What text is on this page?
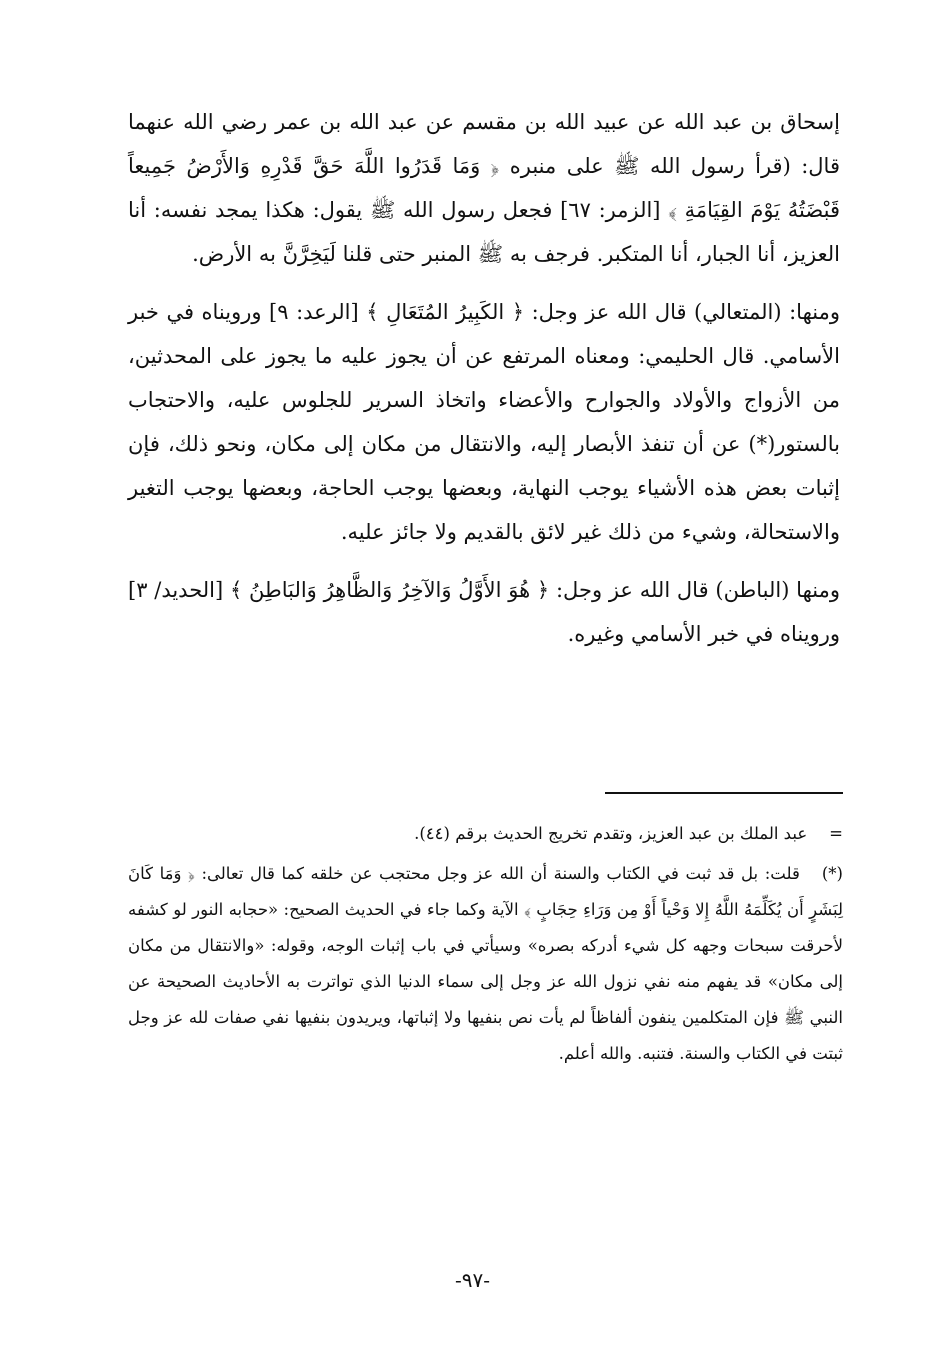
إسحاق بن عبد الله عن عبيد الله بن مقسم عن عبد الله بن عمر رضي الله عنهما قال: (قرأ رسول الله ﷺ على منبره ﴿ وَمَا قَدَرُوا اللَّهَ حَقَّ قَدْرِهِ وَالأَرْضُ جَمِيعاً قَبْضَتُهُ يَوْمَ القِيَامَةِ ﴾ [الزمر: ٦٧] فجعل رسول الله ﷺ يقول: هكذا يمجد نفسه: أنا العزيز، أنا الجبار، أنا المتكبر. فرجف به ﷺ المنبر حتى قلنا لَيَخِرَّنَّ به الأرض.

ومنها: (المتعالي) قال الله عز وجل: ﴿ الكَبِيرُ المُتَعَالِ ﴾ [الرعد: ٩] ورويناه في خبر الأسامي. قال الحليمي: ومعناه المرتفع عن أن يجوز عليه ما يجوز على المحدثين، من الأزواج والأولاد والجوارح والأعضاء واتخاذ السرير للجلوس عليه، والاحتجاب بالستور(*) عن أن تنفذ الأبصار إليه، والانتقال من مكان إلى مكان، ونحو ذلك، فإن إثبات بعض هذه الأشياء يوجب النهاية، وبعضها يوجب الحاجة، وبعضها يوجب التغير والاستحالة، وشيء من ذلك غير لائق بالقديم ولا جائز عليه.

ومنها (الباطن) قال الله عز وجل: ﴿ هُوَ الأَوَّلُ وَالآخِرُ وَالظَّاهِرُ وَالبَاطِنُ ﴾ [الحديد/ ٣] ورويناه في خبر الأسامي وغيره.

=عبد الملك بن عبد العزيز، وتقدم تخريج الحديث برقم (٤٤).

(*)قلت: بل قد ثبت في الكتاب والسنة أن الله عز وجل محتجب عن خلقه كما قال تعالى: ﴿ وَمَا كَانَ لِبَشَرٍ أَن يُكَلِّمَهُ اللَّهُ إِلا وَحْياً أَوْ مِن وَرَاءِ حِجَابٍ ﴾ الآية وكما جاء في الحديث الصحيح: «حجابه النور لو كشفه لأحرقت سبحات وجهه كل شيء أدركه بصره» وسيأتي في باب إثبات الوجه، وقوله: «والانتقال من مكان إلى مكان» قد يفهم منه نفي نزول الله عز وجل إلى سماء الدنيا الذي تواترت به الأحاديث الصحيحة عن النبي ﷺ فإن المتكلمين ينفون ألفاظاً لم يأت نص بنفيها ولا إثباتها، ويريدون بنفيها نفي صفات لله عز وجل ثبتت في الكتاب والسنة. فتنبه. والله أعلم.

-٩٧-
